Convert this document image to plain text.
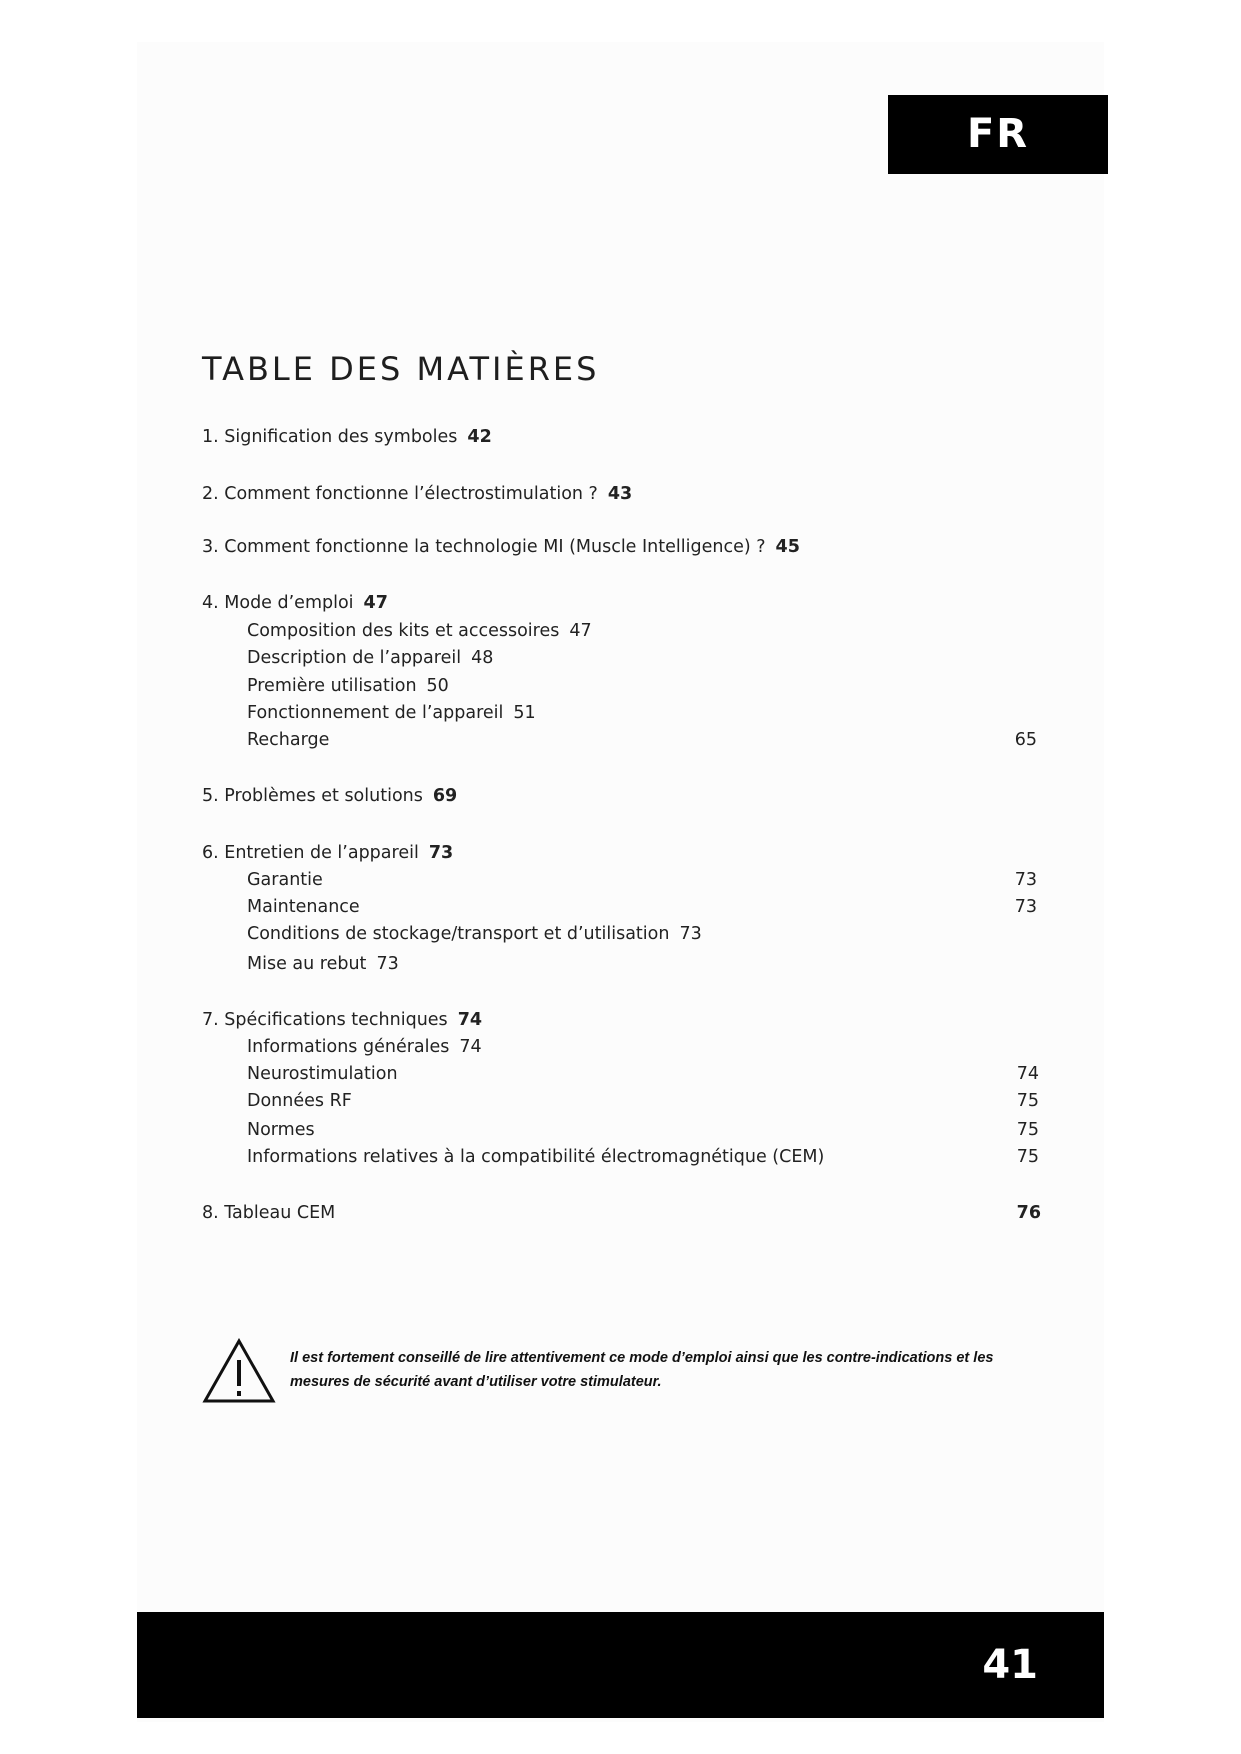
FR
TABLE DES MATIÈRES
1. Signification des symboles 42
2. Comment fonctionne l’électrostimulation ? 43
3. Comment fonctionne la technologie MI (Muscle Intelligence) ? 45
4. Mode d’emploi 47
Composition des kits et accessoires 47
Description de l’appareil 48
Première utilisation 50
Fonctionnement de l’appareil 51
Recharge	65
5. Problèmes et solutions 69
6. Entretien de l’appareil 73
Garantie	73
Maintenance	73
Conditions de stockage/transport et d’utilisation 73
Mise au rebut 73
7. Spécifications techniques 74
Informations générales 74
Neurostimulation	74
Données RF	75
Normes	75
Informations relatives à la compatibilité électromagnétique (CEM)	75
8. Tableau CEM	76

Il est fortement conseillé de lire attentivement ce mode d’emploi ainsi que les contre-indications et les mesures de sécurité avant d’utiliser votre stimulateur.

41
